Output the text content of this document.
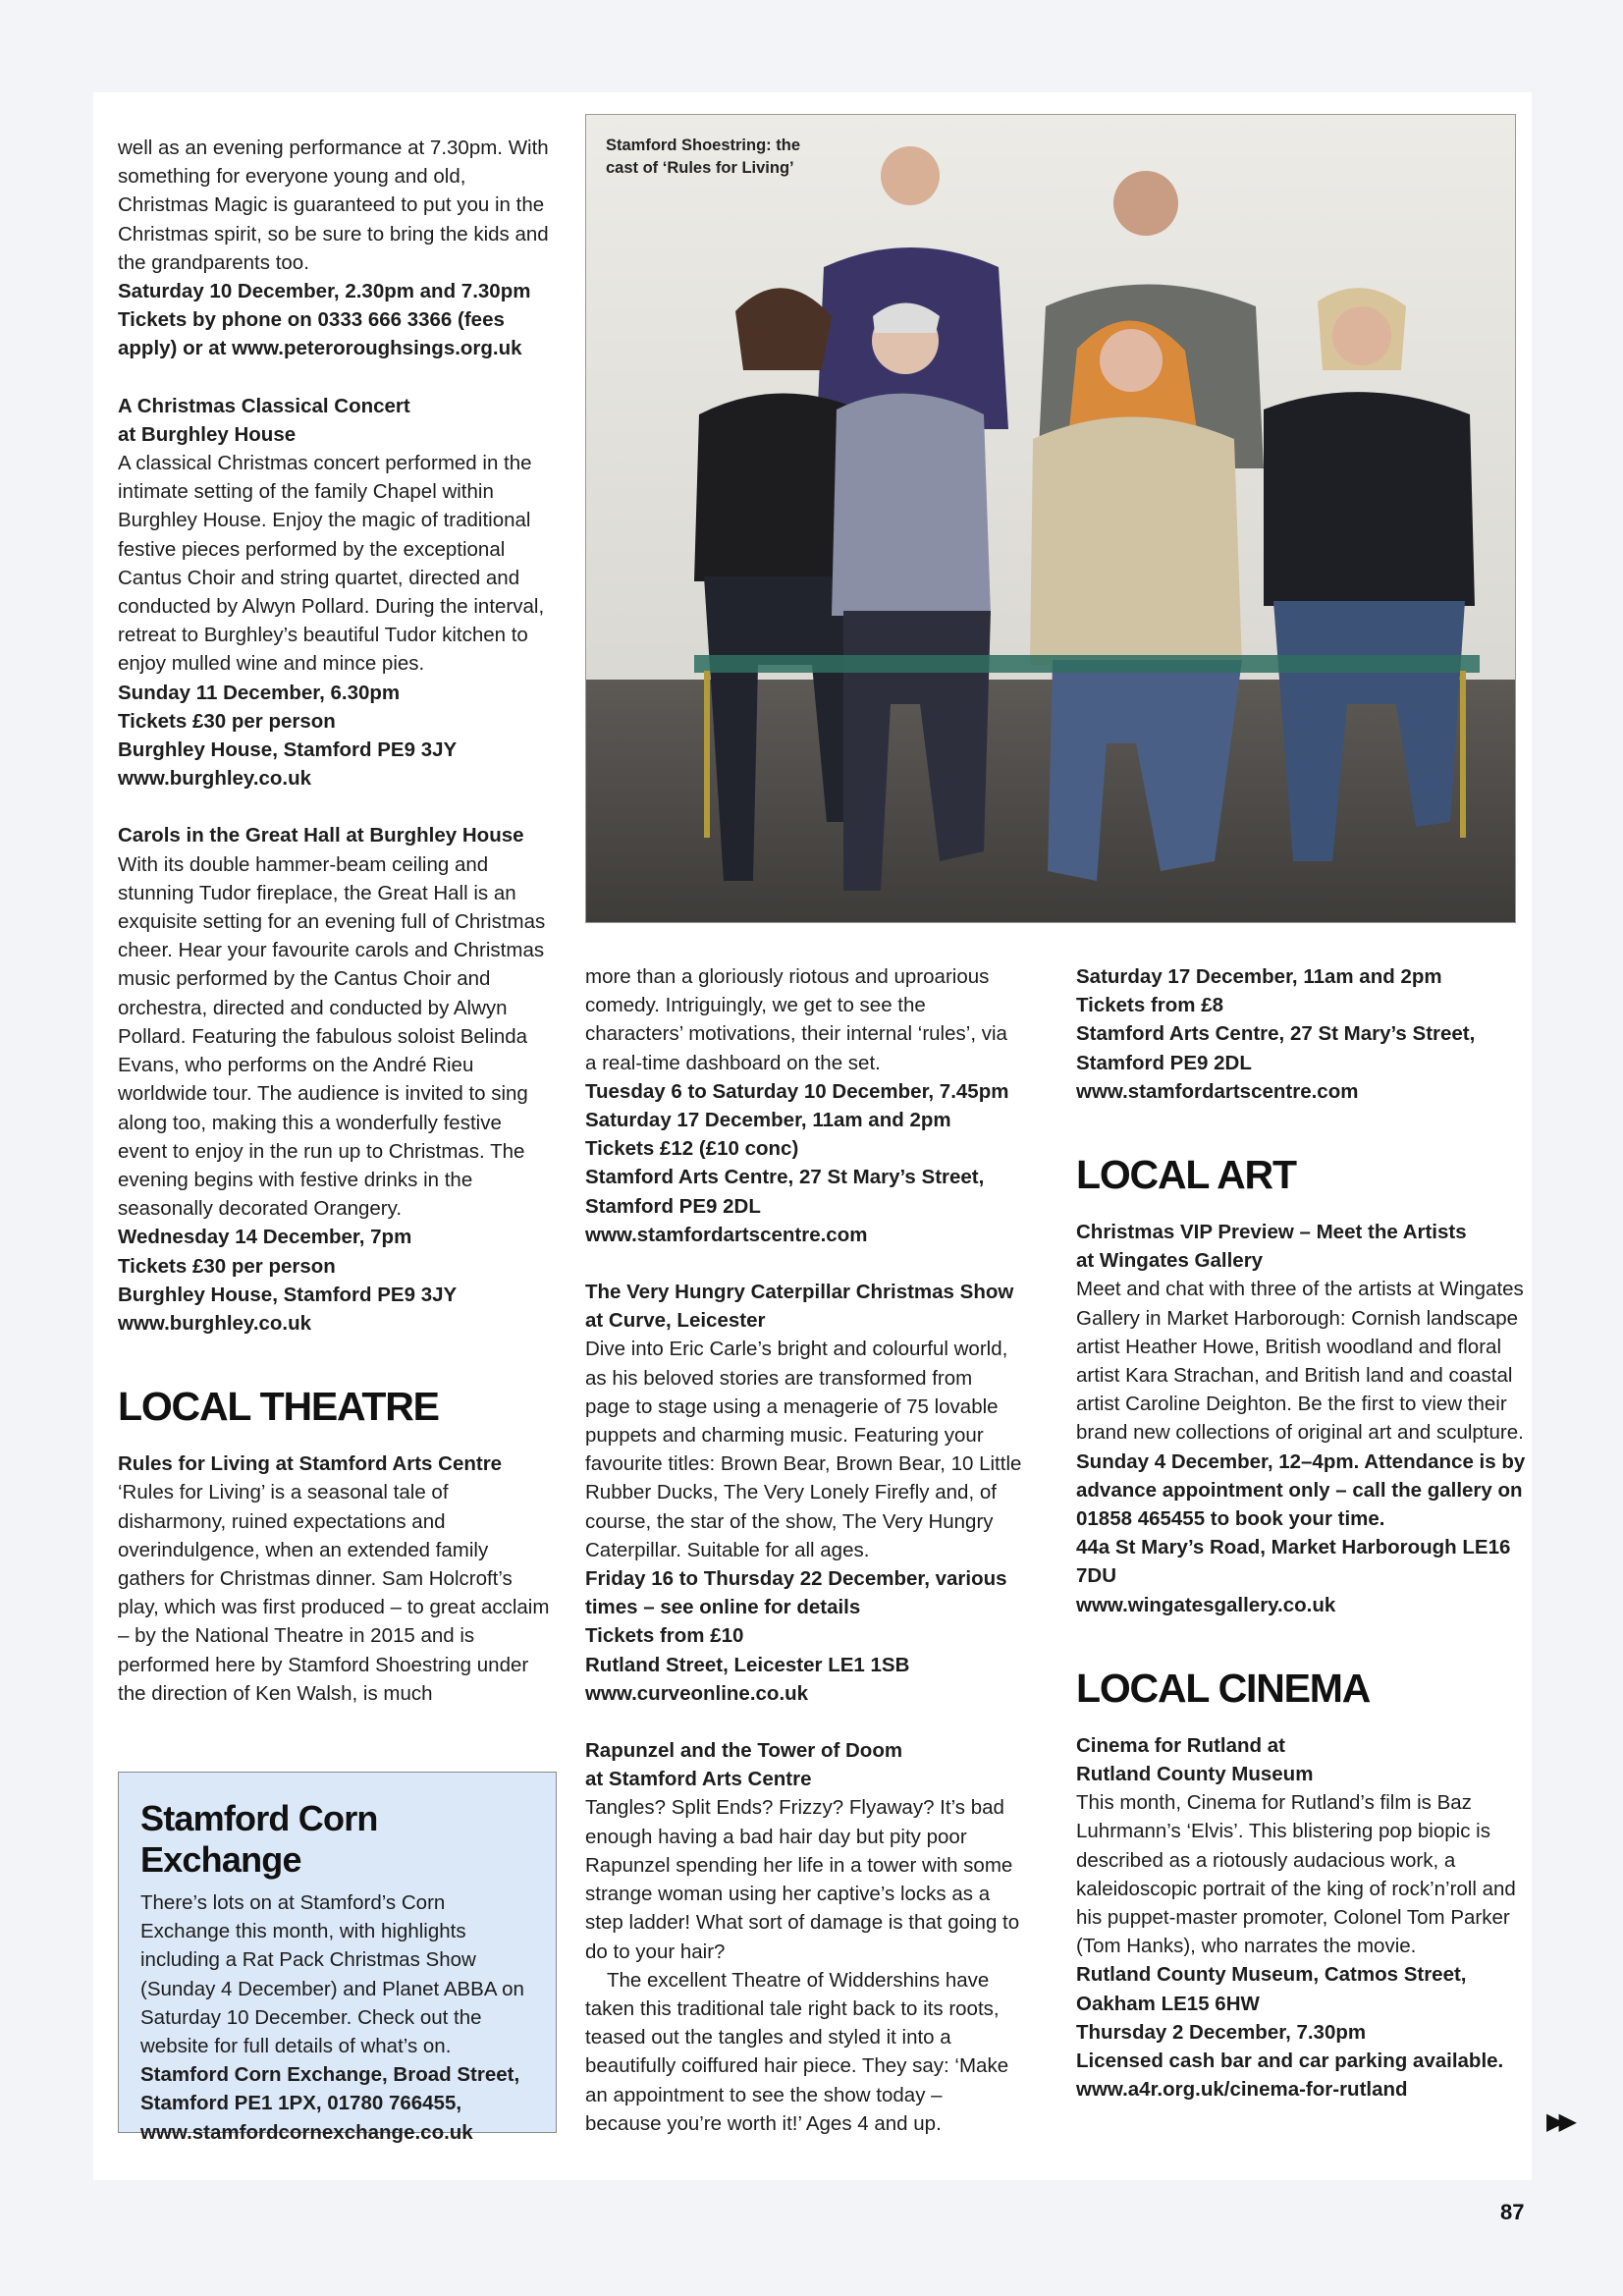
well as an evening performance at 7.30pm. With something for everyone young and old, Christmas Magic is guaranteed to put you in the Christmas spirit, so be sure to bring the kids and the grandparents too.

Saturday 10 December, 2.30pm and 7.30pm

Tickets by phone on 0333 666 3366 (fees apply) or at www.peteroroughsings.org.uk

A Christmas Classical Concert

at Burghley House

A classical Christmas concert performed in the intimate setting of the family Chapel within Burghley House. Enjoy the magic of traditional festive pieces performed by the exceptional Cantus Choir and string quartet, directed and conducted by Alwyn Pollard. During the interval, retreat to Burghley’s beautiful Tudor kitchen to enjoy mulled wine and mince pies.

Sunday 11 December, 6.30pm

Tickets £30 per person

Burghley House, Stamford PE9 3JY

www.burghley.co.uk

Carols in the Great Hall at Burghley House

With its double hammer-beam ceiling and stunning Tudor fireplace, the Great Hall is an exquisite setting for an evening full of Christmas cheer. Hear your favourite carols and Christmas music performed by the Cantus Choir and orchestra, directed and conducted by Alwyn Pollard. Featuring the fabulous soloist Belinda Evans, who performs on the André Rieu worldwide tour. The audience is invited to sing along too, making this a wonderfully festive event to enjoy in the run up to Christmas. The evening begins with festive drinks in the seasonally decorated Orangery.

Wednesday 14 December, 7pm

Tickets £30 per person

Burghley House, Stamford PE9 3JY

www.burghley.co.uk

LOCAL THEATRE

Rules for Living at Stamford Arts Centre

‘Rules for Living’ is a seasonal tale of disharmony, ruined expectations and overindulgence, when an extended family gathers for Christmas dinner. Sam Holcroft’s play, which was first produced – to great acclaim – by the National Theatre in 2015 and is performed here by Stamford Shoestring under the direction of Ken Walsh, is much

Stamford Shoestring: the cast of ‘Rules for Living’

more than a gloriously riotous and uproarious comedy. Intriguingly, we get to see the characters’ motivations, their internal ‘rules’, via a real-time dashboard on the set.

Tuesday 6 to Saturday 10 December, 7.45pm

Saturday 17 December, 11am and 2pm

Tickets £12 (£10 conc)

Stamford Arts Centre, 27 St Mary’s Street, Stamford PE9 2DL

www.stamfordartscentre.com

The Very Hungry Caterpillar Christmas Show

at Curve, Leicester

Dive into Eric Carle’s bright and colourful world, as his beloved stories are transformed from page to stage using a menagerie of 75 lovable puppets and charming music. Featuring your favourite titles: Brown Bear, Brown Bear, 10 Little Rubber Ducks, The Very Lonely Firefly and, of course, the star of the show, The Very Hungry Caterpillar. Suitable for all ages.

Friday 16 to Thursday 22 December, various times – see online for details

Tickets from £10

Rutland Street, Leicester LE1 1SB

www.curveonline.co.uk

Rapunzel and the Tower of Doom

at Stamford Arts Centre

Tangles? Split Ends? Frizzy? Flyaway? It’s bad enough having a bad hair day but pity poor Rapunzel spending her life in a tower with some strange woman using her captive’s locks as a step ladder! What sort of damage is that going to do to your hair?

The excellent Theatre of Widdershins have taken this traditional tale right back to its roots, teased out the tangles and styled it into a beautifully coiffured hair piece. They say: ‘Make an appointment to see the show today – because you’re worth it!’ Ages 4 and up.

Saturday 17 December, 11am and 2pm

Tickets from £8

Stamford Arts Centre, 27 St Mary’s Street, Stamford PE9 2DL

www.stamfordartscentre.com

LOCAL ART

Christmas VIP Preview – Meet the Artists

at Wingates Gallery

Meet and chat with three of the artists at Wingates Gallery in Market Harborough: Cornish landscape artist Heather Howe, British woodland and floral artist Kara Strachan, and British land and coastal artist Caroline Deighton. Be the first to view their brand new collections of original art and sculpture.

Sunday 4 December, 12–4pm. Attendance is by advance appointment only – call the gallery on 01858 465455 to book your time.

44a St Mary’s Road, Market Harborough LE16 7DU

www.wingatesgallery.co.uk

LOCAL CINEMA

Cinema for Rutland at

Rutland County Museum

This month, Cinema for Rutland’s film is Baz Luhrmann’s ‘Elvis’. This blistering pop biopic is described as a riotously audacious work, a kaleidoscopic portrait of the king of rock’n’roll and his puppet-master promoter, Colonel Tom Parker (Tom Hanks), who narrates the movie.

Rutland County Museum, Catmos Street, Oakham LE15 6HW

Thursday 2 December, 7.30pm

Licensed cash bar and car parking available.

www.a4r.org.uk/cinema-for-rutland

Stamford Corn Exchange

There’s lots on at Stamford’s Corn Exchange this month, with highlights including a Rat Pack Christmas Show (Sunday 4 December) and Planet ABBA on Saturday 10 December. Check out the website for full details of what’s on.

Stamford Corn Exchange, Broad Street, Stamford PE1 1PX, 01780 766455, www.stamfordcornexchange.co.uk	▶▶
87
